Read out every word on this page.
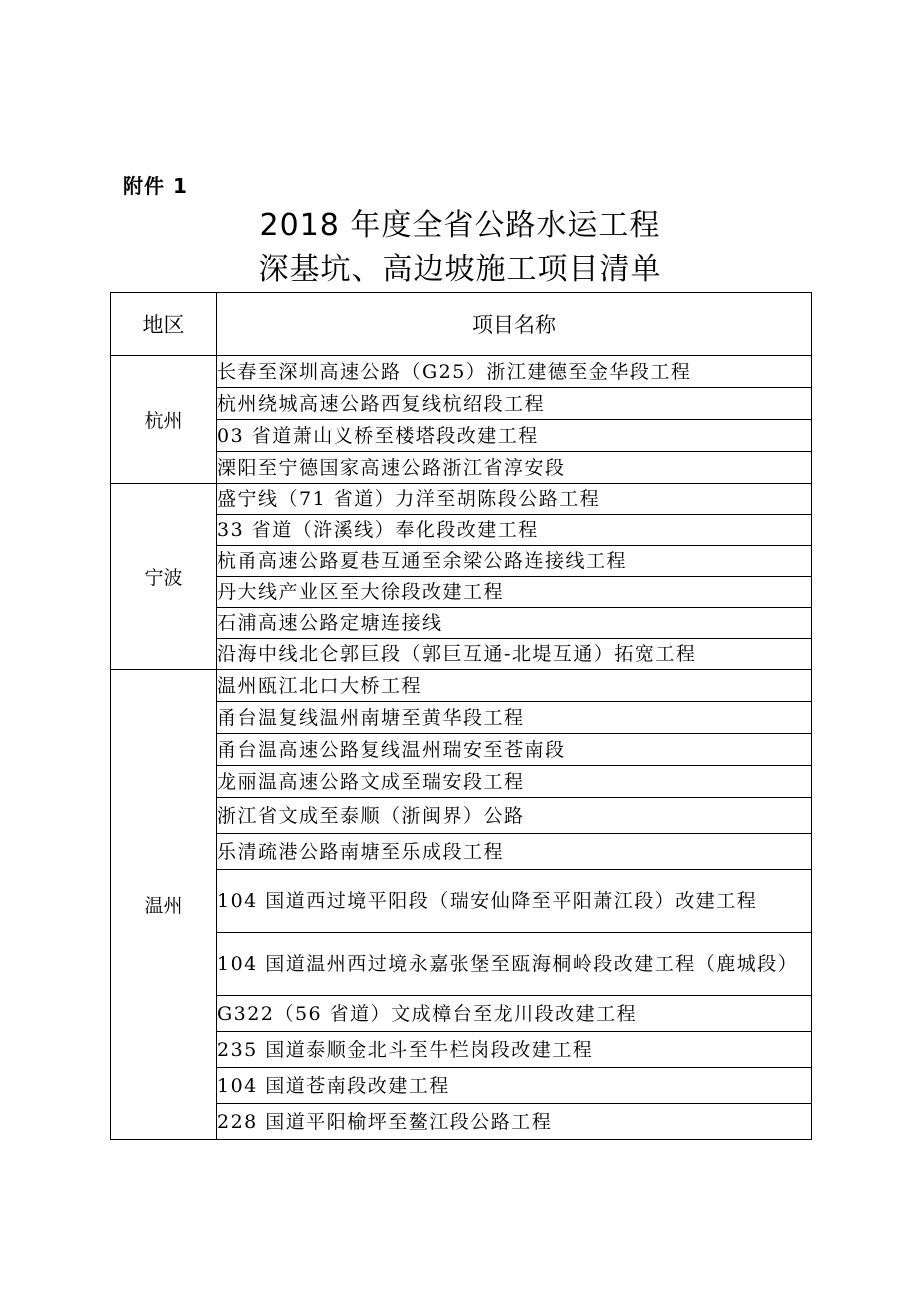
附件 1
2018 年度全省公路水运工程
深基坑、高边坡施工项目清单
地区	项目名称
杭州	长春至深圳高速公路（G25）浙江建德至金华段工程
	杭州绕城高速公路西复线杭绍段工程
	03 省道萧山义桥至楼塔段改建工程
	溧阳至宁德国家高速公路浙江省淳安段
宁波	盛宁线（71 省道）力洋至胡陈段公路工程
	33 省道（浒溪线）奉化段改建工程
	杭甬高速公路夏巷互通至余梁公路连接线工程
	丹大线产业区至大徐段改建工程
	石浦高速公路定塘连接线
	沿海中线北仑郭巨段（郭巨互通-北堤互通）拓宽工程
温州	温州瓯江北口大桥工程
	甬台温复线温州南塘至黄华段工程
	甬台温高速公路复线温州瑞安至苍南段
	龙丽温高速公路文成至瑞安段工程
	浙江省文成至泰顺（浙闽界）公路
	乐清疏港公路南塘至乐成段工程
	104 国道西过境平阳段（瑞安仙降至平阳萧江段）改建工程
	104 国道温州西过境永嘉张堡至瓯海桐岭段改建工程（鹿城段）
	G322（56 省道）文成樟台至龙川段改建工程
	235 国道泰顺金北斗至牛栏岗段改建工程
	104 国道苍南段改建工程
	228 国道平阳榆坪至鳌江段公路工程
